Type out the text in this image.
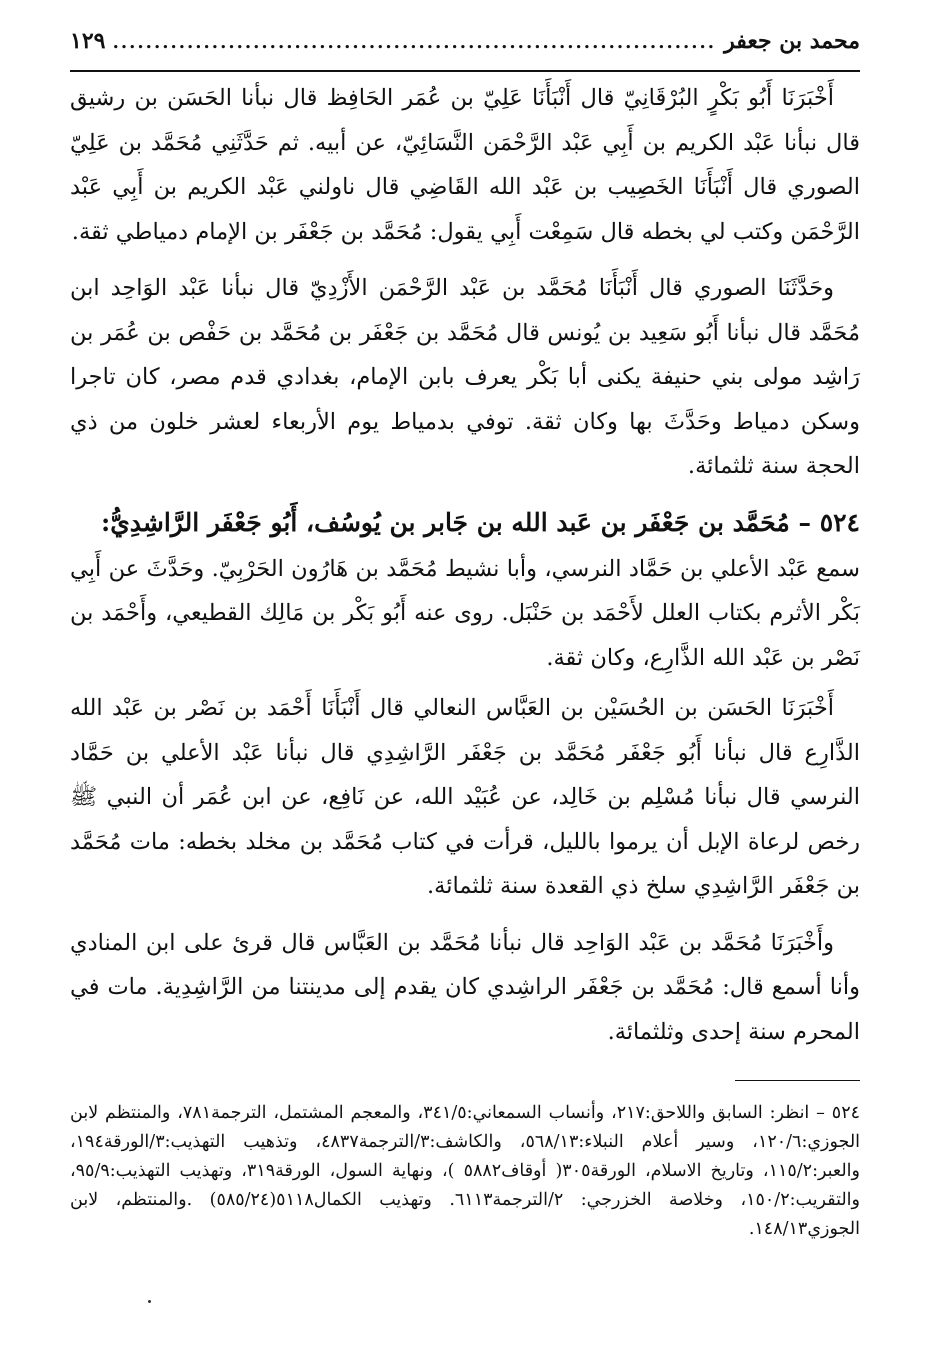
محمد بن جعفر
.....
١٢٩

أَخْبَرَنَا أَبُو بَكْرٍ البُرْقَانِيّ قال أَنْبَأَنَا عَلِيّ بن عُمَر الحَافِظ قال نبأنا الحَسَن بن رشيق قال نبأنا عَبْد الكريم بن أَبِي عَبْد الرَّحْمَن النَّسَائِيّ، عن أبيه. ثم حَدَّثَنِي مُحَمَّد بن عَلِيّ الصوري قال أَنْبَأَنَا الخَصِيب بن عَبْد الله القَاضِي قال ناولني عَبْد الكريم بن أَبِي عَبْد الرَّحْمَن وكتب لي بخطه قال سَمِعْت أَبِي يقول: مُحَمَّد بن جَعْفَر بن الإمام دمياطي ثقة.

وحَدَّثَنَا الصوري قال أَنْبَأَنَا مُحَمَّد بن عَبْد الرَّحْمَن الأَزْدِيّ قال نبأنا عَبْد الوَاحِد ابن مُحَمَّد قال نبأنا أَبُو سَعِيد بن يُونس قال مُحَمَّد بن جَعْفَر بن مُحَمَّد بن حَفْص بن عُمَر بن رَاشِد مولى بني حنيفة يكنى أبا بَكْر يعرف بابن الإمام، بغدادي قدم مصر، كان تاجرا وسكن دمياط وحَدَّثَ بها وكان ثقة. توفي بدمياط يوم الأربعاء لعشر خلون من ذي الحجة سنة ثلثمائة.

٥٢٤ – مُحَمَّد بن جَعْفَر بن عَبد الله بن جَابر بن يُوسُف، أَبُو جَعْفَر الرَّاشِدِيُّ:

سمع عَبْد الأعلي بن حَمَّاد النرسي، وأبا نشيط مُحَمَّد بن هَارُون الحَرْبِيّ. وحَدَّثَ عن أَبِي بَكْر الأثرم بكتاب العلل لأَحْمَد بن حَنْبَل. روى عنه أَبُو بَكْر بن مَالِك القطيعي، وأَحْمَد بن نَصْر بن عَبْد الله الذَّارِع، وكان ثقة.

أَخْبَرَنَا الحَسَن بن الحُسَيْن بن العَبَّاس النعالي قال أَنْبَأَنَا أَحْمَد بن نَصْر بن عَبْد الله الذَّارِع قال نبأنا أَبُو جَعْفَر مُحَمَّد بن جَعْفَر الرَّاشِدِي قال نبأنا عَبْد الأعلي بن حَمَّاد النرسي قال نبأنا مُسْلِم بن خَالِد، عن عُبَيْد الله، عن نَافِع، عن ابن عُمَر أن النبي ﷺ رخص لرعاة الإبل أن يرموا بالليل، قرأت في كتاب مُحَمَّد بن مخلد بخطه: مات مُحَمَّد بن جَعْفَر الرَّاشِدِي سلخ ذي القعدة سنة ثلثمائة.

وأَخْبَرَنَا مُحَمَّد بن عَبْد الوَاحِد قال نبأنا مُحَمَّد بن العَبَّاس قال قرئ على ابن المنادي وأنا أسمع قال: مُحَمَّد بن جَعْفَر الراشِدي كان يقدم إلى مدينتنا من الرَّاشِدِية. مات في المحرم سنة إحدى وثلثمائة.

٥٢٤ – انظر: السابق واللاحق:٢١٧، وأنساب السمعاني:٣٤١/٥، والمعجم المشتمل، الترجمة٧٨١، والمنتظم لابن الجوزي:١٢٠/٦، وسير أعلام النبلاء:٥٦٨/١٣، والكاشف:٣/الترجمة٤٨٣٧، وتذهيب التهذيب:٣/الورقة١٩٤، والعبر:١١٥/٢، وتاريخ الاسلام، الورقة٣٠٥( أوقاف٥٨٨٢ )، ونهاية السول، الورقة٣١٩، وتهذيب التهذيب:٩٥/٩، والتقريب:١٥٠/٢، وخلاصة الخزرجي: ٢/الترجمة٦١١٣. وتهذيب الكمال٥١١٨(٥٨٥/٢٤) .والمنتظم، لابن الجوزي١٤٨/١٣.
